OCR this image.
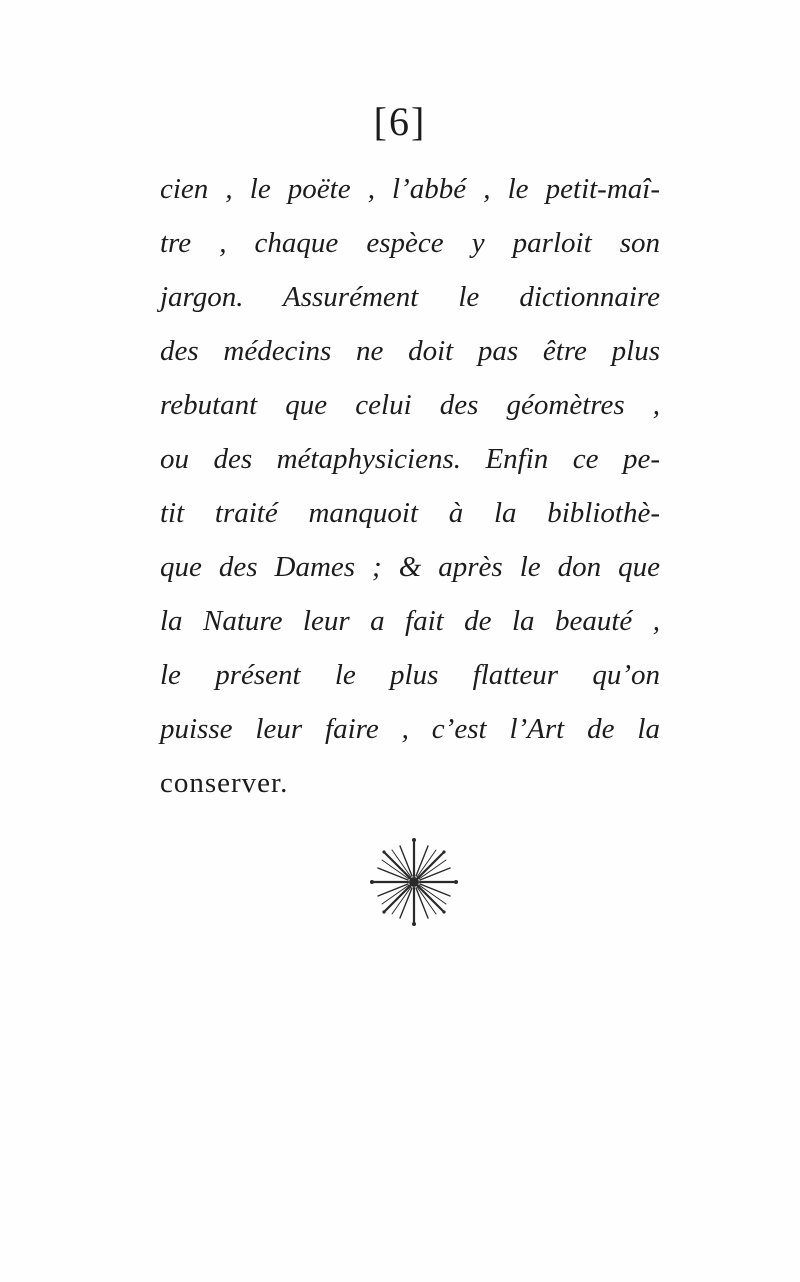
[6]
cien , le poëte , l’abbé , le petit-maî-
tre , chaque espèce y parloit son
jargon. Assurément le dictionnaire
des médecins ne doit pas être plus
rebutant que celui des géomètres ,
ou des métaphysiciens. Enfin ce pe-
tit traité manquoit à la bibliothè-
que des Dames ; & après le don que
la Nature leur a fait de la beauté ,
le présent le plus flatteur qu’on
puisse leur faire , c’est l’Art de la
conserver.
